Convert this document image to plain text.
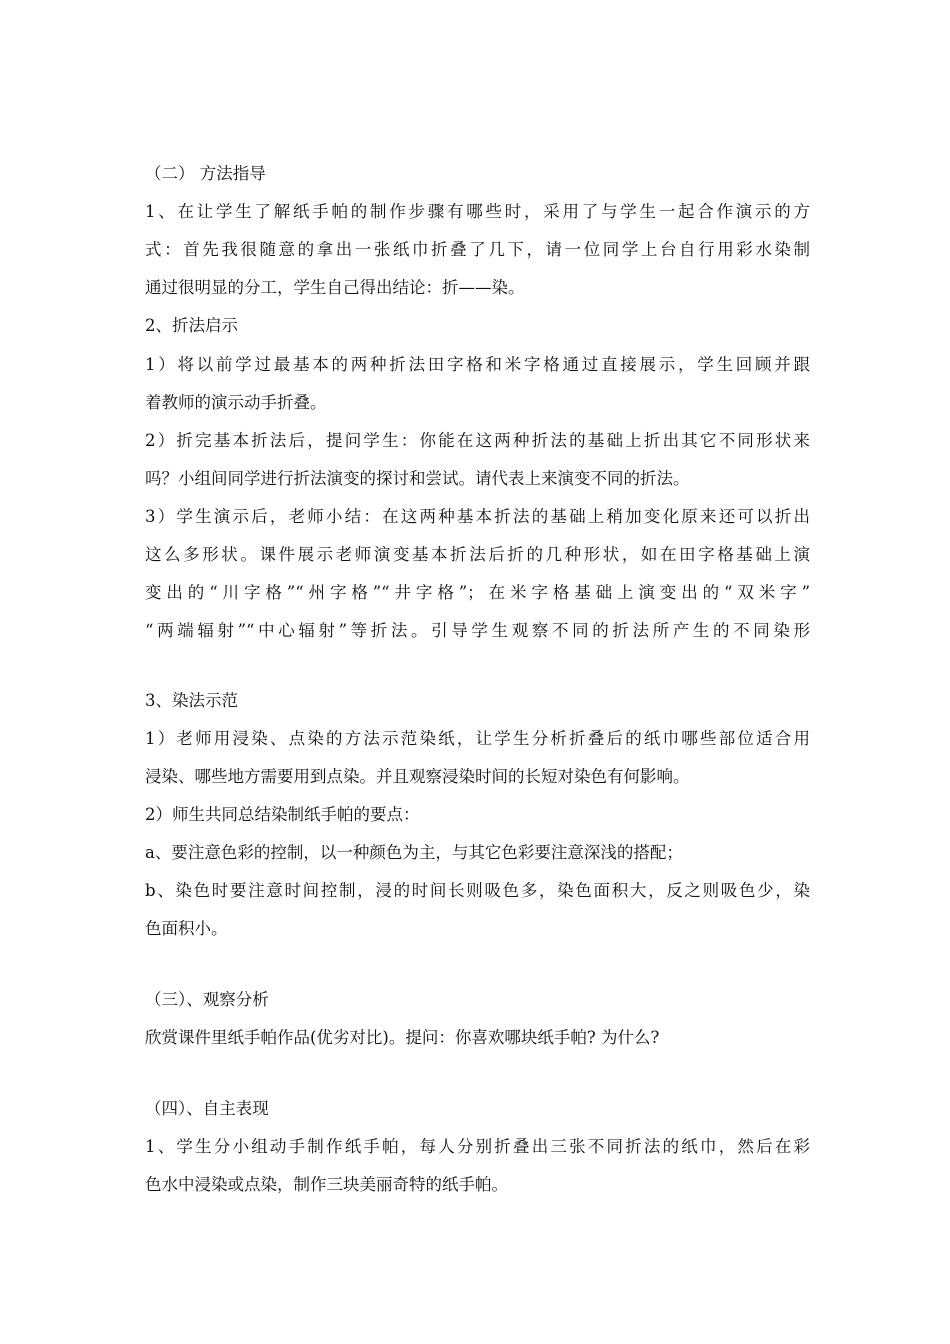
（二） 方法指导
1、在让学生了解纸手帕的制作步骤有哪些时，采用了与学生一起合作演示的方
式：首先我很随意的拿出一张纸巾折叠了几下，请一位同学上台自行用彩水染制
通过很明显的分工，学生自己得出结论：折——染。
2、折法启示
1）将以前学过最基本的两种折法田字格和米字格通过直接展示，学生回顾并跟
着教师的演示动手折叠。
2）折完基本折法后，提问学生：你能在这两种折法的基础上折出其它不同形状来
吗？小组间同学进行折法演变的探讨和尝试。请代表上来演变不同的折法。
3）学生演示后，老师小结：在这两种基本折法的基础上稍加变化原来还可以折出
这么多形状。课件展示老师演变基本折法后折的几种形状，如在田字格基础上演
变出的“川字格”“州字格”“井字格”；在米字格基础上演变出的“双米字”
“两端辐射”“中心辐射”等折法。引导学生观察不同的折法所产生的不同染形
3、染法示范
1）老师用浸染、点染的方法示范染纸，让学生分析折叠后的纸巾哪些部位适合用
浸染、哪些地方需要用到点染。并且观察浸染时间的长短对染色有何影响。
2）师生共同总结染制纸手帕的要点：
a、要注意色彩的控制，以一种颜色为主，与其它色彩要注意深浅的搭配；
b、染色时要注意时间控制，浸的时间长则吸色多，染色面积大，反之则吸色少，染
色面积小。
（三）、观察分析
欣赏课件里纸手帕作品(优劣对比)。提问：你喜欢哪块纸手帕? 为什么?
（四）、自主表现
1、学生分小组动手制作纸手帕，每人分别折叠出三张不同折法的纸巾，然后在彩
色水中浸染或点染，制作三块美丽奇特的纸手帕。
